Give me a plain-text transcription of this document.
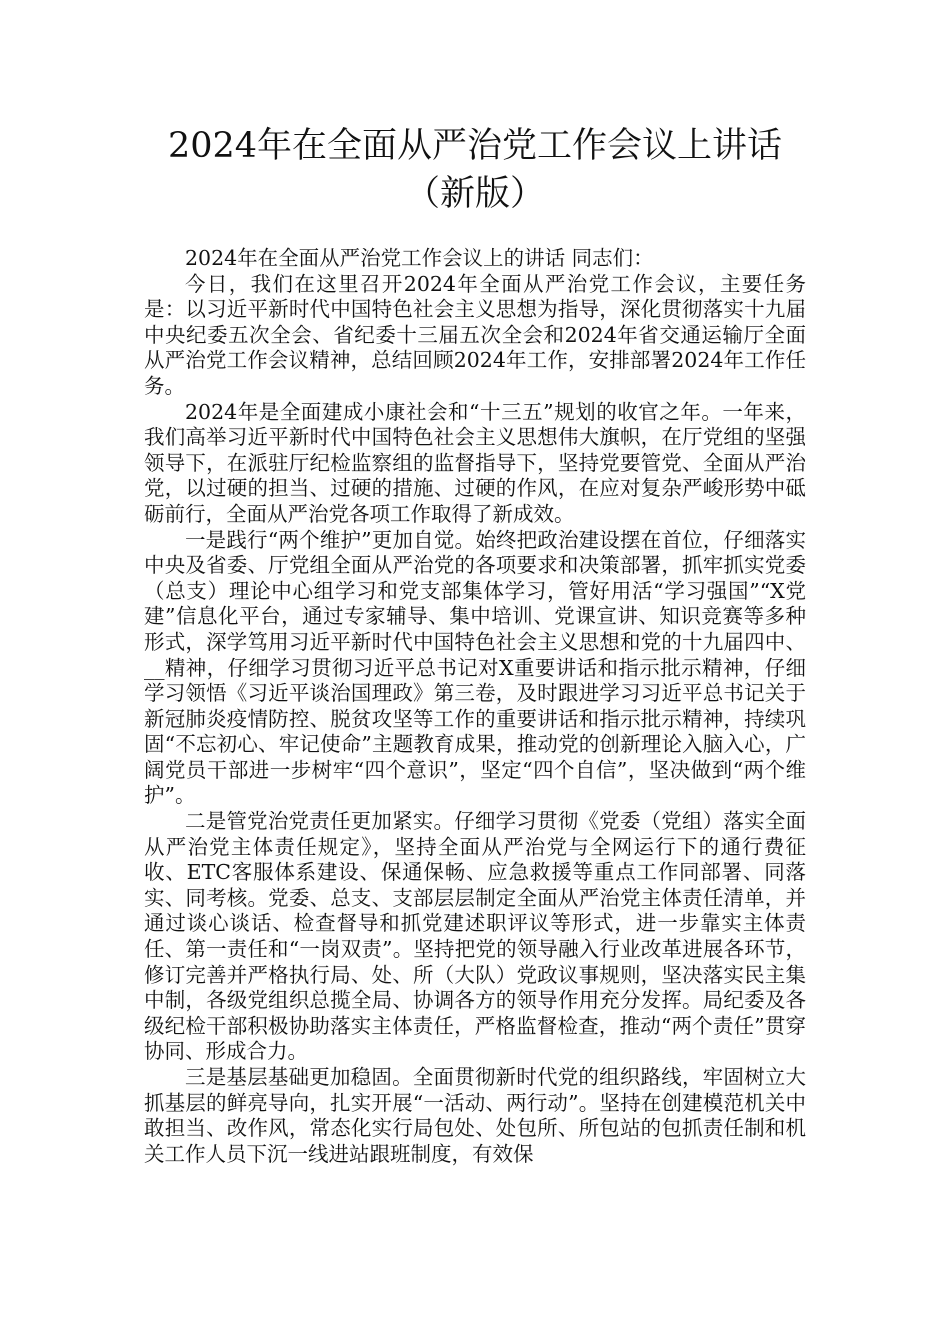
2024年在全面从严治党工作会议上讲话
（新版）

2024年在全面从严治党工作会议上的讲话 同志们：

今日，我们在这里召开2024年全面从严治党工作会议，主要任务是：以习近平新时代中国特色社会主义思想为指导，深化贯彻落实十九届中央纪委五次全会、省纪委十三届五次全会和2024年省交通运输厅全面从严治党工作会议精神，总结回顾2024年工作，安排部署2024年工作任务。

2024年是全面建成小康社会和“十三五”规划的收官之年。一年来，我们高举习近平新时代中国特色社会主义思想伟大旗帜，在厅党组的坚强领导下，在派驻厅纪检监察组的监督指导下，坚持党要管党、全面从严治党，以过硬的担当、过硬的措施、过硬的作风，在应对复杂严峻形势中砥砺前行，全面从严治党各项工作取得了新成效。

一是践行“两个维护”更加自觉。始终把政治建设摆在首位，仔细落实中央及省委、厅党组全面从严治党的各项要求和决策部署，抓牢抓实党委（总支）理论中心组学习和党支部集体学习，管好用活“学习强国”“X党建”信息化平台，通过专家辅导、集中培训、党课宣讲、知识竞赛等多种形式，深学笃用习近平新时代中国特色社会主义思想和党的十九届四中、__精神，仔细学习贯彻习近平总书记对X重要讲话和指示批示精神，仔细学习领悟《习近平谈治国理政》第三卷，及时跟进学习习近平总书记关于新冠肺炎疫情防控、脱贫攻坚等工作的重要讲话和指示批示精神，持续巩固“不忘初心、牢记使命”主题教育成果，推动党的创新理论入脑入心，广阔党员干部进一步树牢“四个意识”，坚定“四个自信”，坚决做到“两个维护”。

二是管党治党责任更加紧实。仔细学习贯彻《党委（党组）落实全面从严治党主体责任规定》，坚持全面从严治党与全网运行下的通行费征收、ETC客服体系建设、保通保畅、应急救援等重点工作同部署、同落实、同考核。党委、总支、支部层层制定全面从严治党主体责任清单，并通过谈心谈话、检查督导和抓党建述职评议等形式，进一步靠实主体责任、第一责任和“一岗双责”。坚持把党的领导融入行业改革进展各环节，修订完善并严格执行局、处、所（大队）党政议事规则，坚决落实民主集中制，各级党组织总揽全局、协调各方的领导作用充分发挥。局纪委及各级纪检干部积极协助落实主体责任，严格监督检查，推动“两个责任”贯穿协同、形成合力。

三是基层基础更加稳固。全面贯彻新时代党的组织路线，牢固树立大抓基层的鲜亮导向，扎实开展“一活动、两行动”。坚持在创建模范机关中敢担当、改作风，常态化实行局包处、处包所、所包站的包抓责任制和机关工作人员下沉一线进站跟班制度，有效保
